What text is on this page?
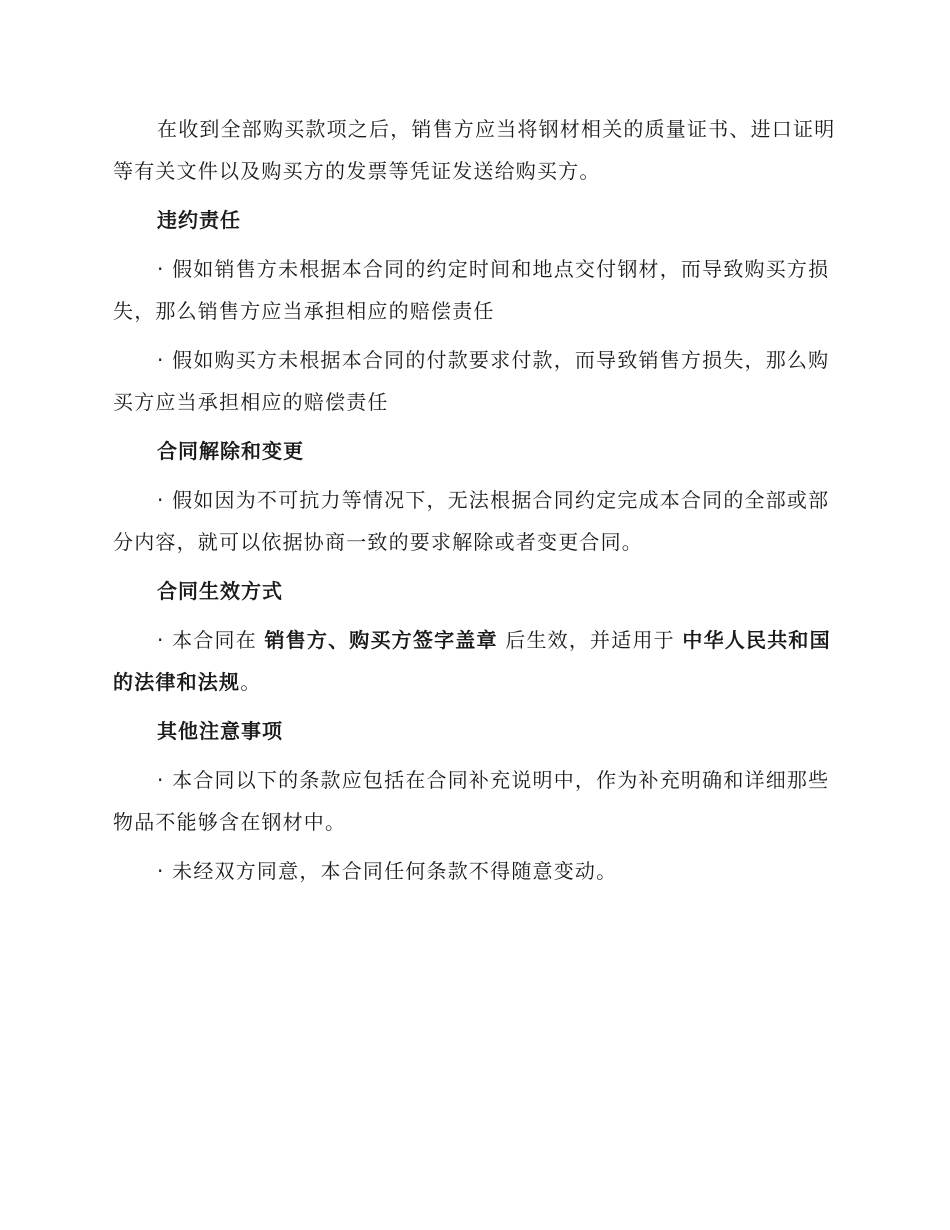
在收到全部购买款项之后，销售方应当将钢材相关的质量证书、进口证明等有关文件以及购买方的发票等凭证发送给购买方。

违约责任

· 假如销售方未根据本合同的约定时间和地点交付钢材，而导致购买方损失，那么销售方应当承担相应的赔偿责任

· 假如购买方未根据本合同的付款要求付款，而导致销售方损失，那么购买方应当承担相应的赔偿责任

合同解除和变更

· 假如因为不可抗力等情况下，无法根据合同约定完成本合同的全部或部分内容，就可以依据协商一致的要求解除或者变更合同。

合同生效方式

· 本合同在 销售方、购买方签字盖章 后生效，并适用于 中华人民共和国的法律和法规。

其他注意事项

· 本合同以下的条款应包括在合同补充说明中，作为补充明确和详细那些物品不能够含在钢材中。

· 未经双方同意，本合同任何条款不得随意变动。
